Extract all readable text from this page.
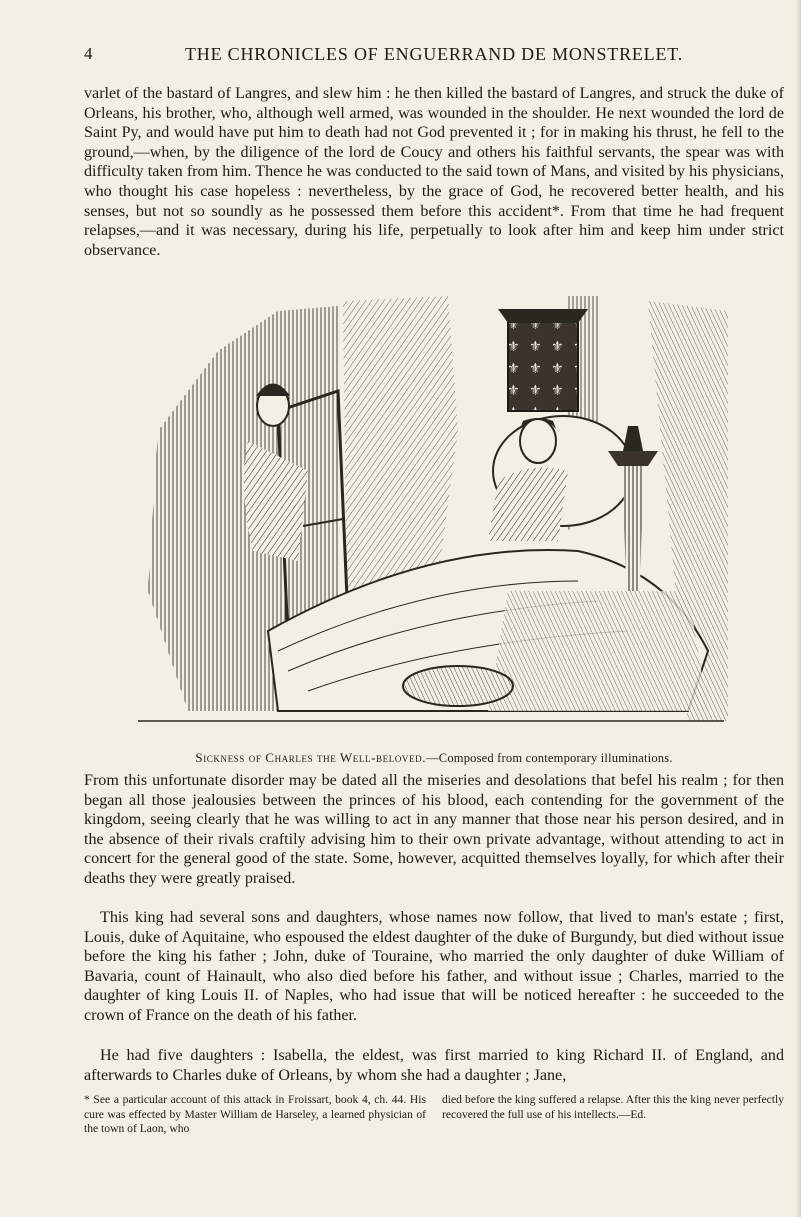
4	THE CHRONICLES OF ENGUERRAND DE MONSTRELET.

varlet of the bastard of Langres, and slew him : he then killed the bastard of Langres, and struck the duke of Orleans, his brother, who, although well armed, was wounded in the shoulder. He next wounded the lord de Saint Py, and would have put him to death had not God prevented it ; for in making his thrust, he fell to the ground,—when, by the diligence of the lord de Coucy and others his faithful servants, the spear was with difficulty taken from him. Thence he was conducted to the said town of Mans, and visited by his physicians, who thought his case hopeless : nevertheless, by the grace of God, he recovered better health, and his senses, but not so soundly as he possessed them before this accident*. From that time he had frequent relapses,—and it was necessary, during his life, perpetually to look after him and keep him under strict observance.

Sickness of Charles the Well-beloved.—Composed from contemporary illuminations.

From this unfortunate disorder may be dated all the miseries and desolations that befel his realm ; for then began all those jealousies between the princes of his blood, each contending for the government of the kingdom, seeing clearly that he was willing to act in any manner that those near his person desired, and in the absence of their rivals craftily advising him to their own private advantage, without attending to act in concert for the general good of the state. Some, however, acquitted themselves loyally, for which after their deaths they were greatly praised.

This king had several sons and daughters, whose names now follow, that lived to man's estate ; first, Louis, duke of Aquitaine, who espoused the eldest daughter of the duke of Burgundy, but died without issue before the king his father ; John, duke of Touraine, who married the only daughter of duke William of Bavaria, count of Hainault, who also died before his father, and without issue ; Charles, married to the daughter of king Louis II. of Naples, who had issue that will be noticed hereafter : he succeeded to the crown of France on the death of his father.

He had five daughters : Isabella, the eldest, was first married to king Richard II. of England, and afterwards to Charles duke of Orleans, by whom she had a daughter ; Jane,

* See a particular account of this attack in Froissart, book 4, ch. 44. His cure was effected by Master William de Harseley, a learned physician of the town of Laon, who

died before the king suffered a relapse. After this the king never perfectly recovered the full use of his intellects.—Ed.
